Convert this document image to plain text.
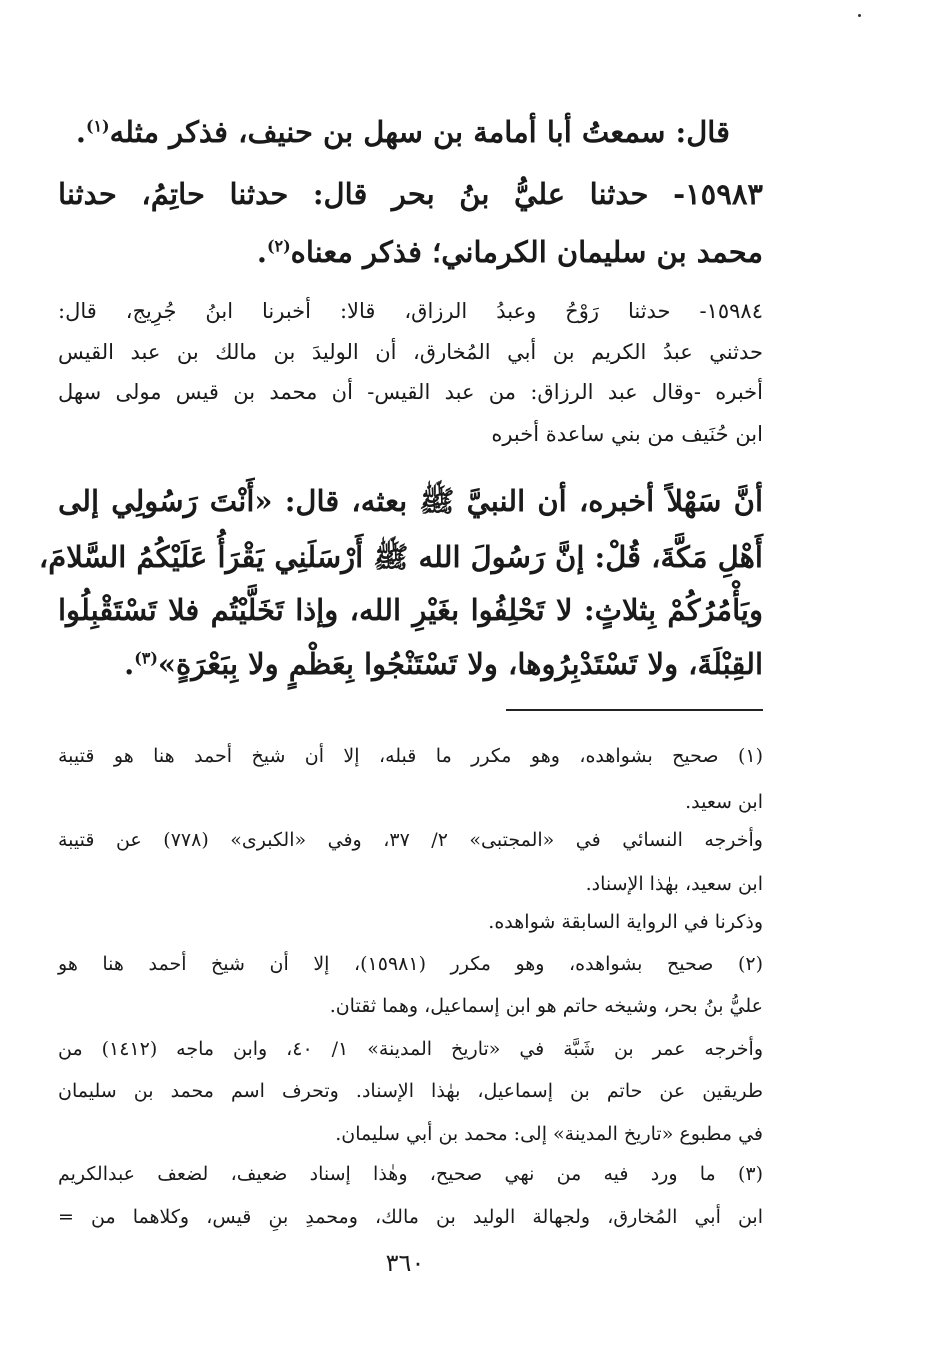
قال: سمعتُ أبا أمامة بن سهل بن حنيف، فذكر مثله$^{(١)}$.
١٥٩٨٣- حدثنا عليُّ بنُ بحر قال: حدثنا حاتِمُ، حدثنا
محمد بن سليمان الكرماني؛ فذكر معناه$^{(٢)}$.
١٥٩٨٤- حدثنا رَوْحُ وعبدُ الرزاق، قالا: أخبرنا ابنُ جُرِيج، قال:
حدثني عبدُ الكريم بن أبي المُخارق، أن الوليدَ بن مالك بن عبد القيس
أخبره -وقال عبد الرزاق: من عبد القيس- أن محمد بن قيس مولى سهل
ابن حُنَيف من بني ساعدة أخبره
أنَّ سَهْلاً أخبره، أن النبيَّ ﷺ بعثه، قال: «أَنْتَ رَسُولِي إلى
أَهْلِ مَكَّةَ، قُلْ: إنَّ رَسُولَ الله ﷺ أَرْسَلَنِي يَقْرَأُ عَلَيْكُمُ السَّلامَ،
ويَأْمُرُكُمْ بِثلاثٍ: لا تَحْلِفُوا بغَيْرِ الله، وإذا تَخَلَّيْتُم فلا تَسْتَقْبِلُوا
القِبْلَةَ، ولا تَسْتَدْبِرُوها، ولا تَسْتَنْجُوا بِعَظْمٍ ولا بِبَعْرَةٍ»$^{(٣)}$.
(١) صحيح بشواهده، وهو مكرر ما قبله، إلا أن شيخ أحمد هنا هو قتيبة
ابن سعيد.
وأخرجه النسائي في «المجتبى» ٢/ ٣٧، وفي «الكبرى» (٧٧٨) عن قتيبة
ابن سعيد، بهٰذا الإسناد.
وذكرنا في الرواية السابقة شواهده.
(٢) صحيح بشواهده، وهو مكرر (١٥٩٨١)، إلا أن شيخ أحمد هنا هو
عليُّ بنُ بحر، وشيخه حاتم هو ابن إسماعيل، وهما ثقتان.
وأخرجه عمر بن شَبَّة في «تاريخ المدينة» ١/ ٤٠، وابن ماجه (١٤١٢) من
طريقين عن حاتم بن إسماعيل، بهٰذا الإسناد. وتحرف اسم محمد بن سليمان
في مطبوع «تاريخ المدينة» إلى: محمد بن أبي سليمان.
(٣) ما ورد فيه من نهي صحيح، وهٰذا إسناد ضعيف، لضعف عبدالكريم
ابن أبي المُخارق، ولجهالة الوليد بن مالك، ومحمدِ بنِ قيس، وكلاهما من =
٣٦٠
